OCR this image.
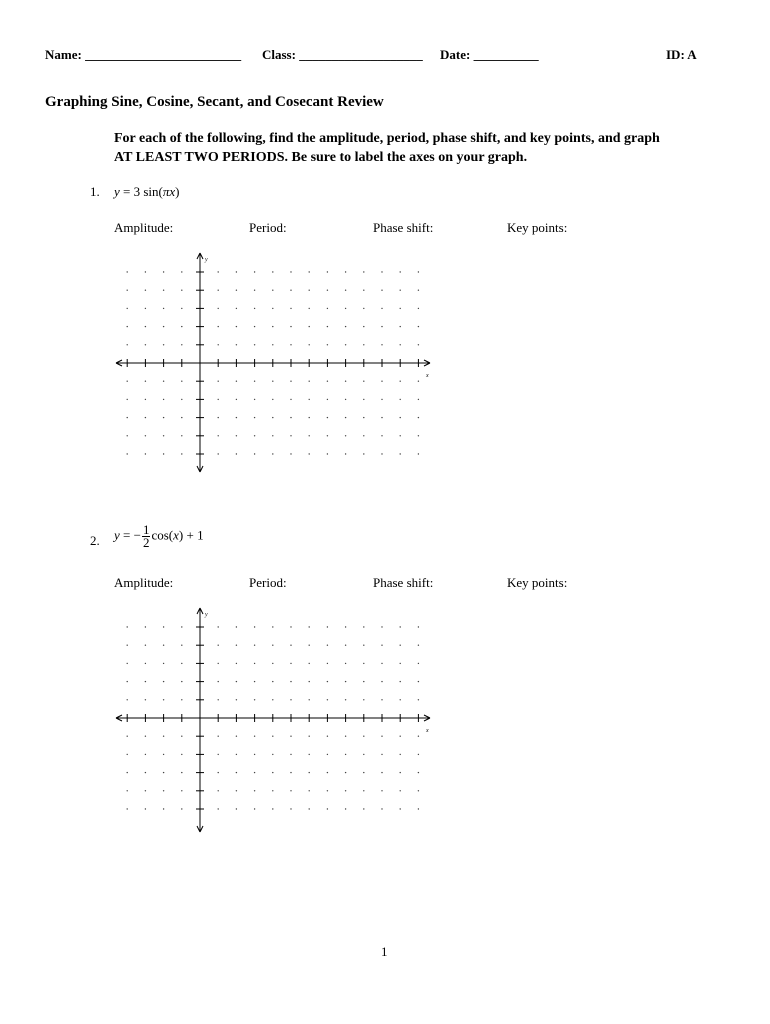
Name: ________________________ Class: ___________________ Date: __________	ID: A
Graphing Sine, Cosine, Secant, and Cosecant Review
For each of the following, find the amplitude, period, phase shift, and key points, and graph
AT LEAST TWO PERIODS. Be sure to label the axes on your graph.
1. y = 3 sin(πx)
Amplitude:	Period:	Phase shift:	Key points:
x
y
2. y = − $\frac{1}{2} \cos(x) + 1$
Amplitude:	Period:	Phase shift:	Key points:
x
y
1
